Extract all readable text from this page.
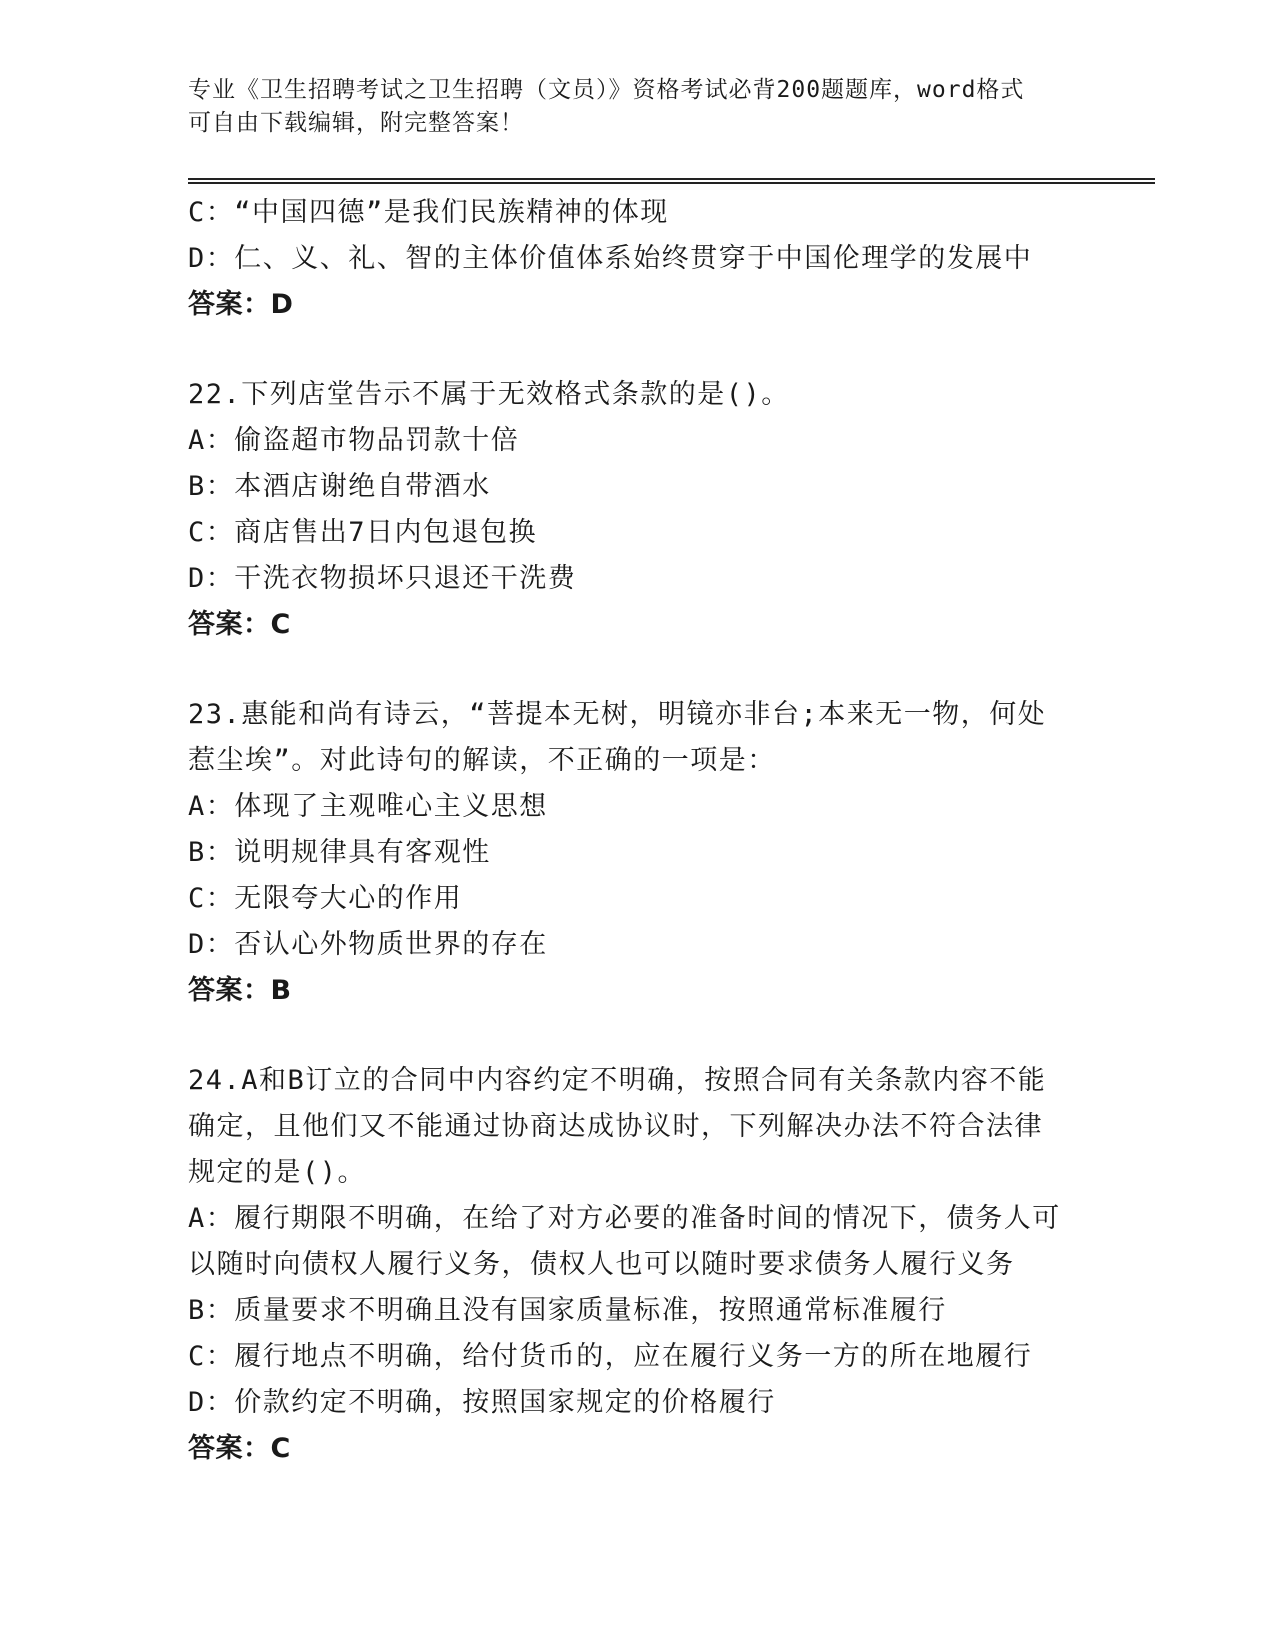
专业《卫生招聘考试之卫生招聘（文员）》资格考试必背200题题库，word格式
可自由下载编辑，附完整答案！
C：“中国四德”是我们民族精神的体现
D：仁、义、礼、智的主体价值体系始终贯穿于中国伦理学的发展中
答案：D
22.下列店堂告示不属于无效格式条款的是()。
A：偷盗超市物品罚款十倍
B：本酒店谢绝自带酒水
C：商店售出7日内包退包换
D：干洗衣物损坏只退还干洗费
答案：C
23.惠能和尚有诗云，“菩提本无树，明镜亦非台;本来无一物，何处
惹尘埃”。对此诗句的解读，不正确的一项是：
A：体现了主观唯心主义思想
B：说明规律具有客观性
C：无限夸大心的作用
D：否认心外物质世界的存在
答案：B
24.A和B订立的合同中内容约定不明确，按照合同有关条款内容不能
确定，且他们又不能通过协商达成协议时，下列解决办法不符合法律
规定的是()。
A：履行期限不明确，在给了对方必要的准备时间的情况下，债务人可
以随时向债权人履行义务，债权人也可以随时要求债务人履行义务
B：质量要求不明确且没有国家质量标准，按照通常标准履行
C：履行地点不明确，给付货币的，应在履行义务一方的所在地履行
D：价款约定不明确，按照国家规定的价格履行
答案：C
